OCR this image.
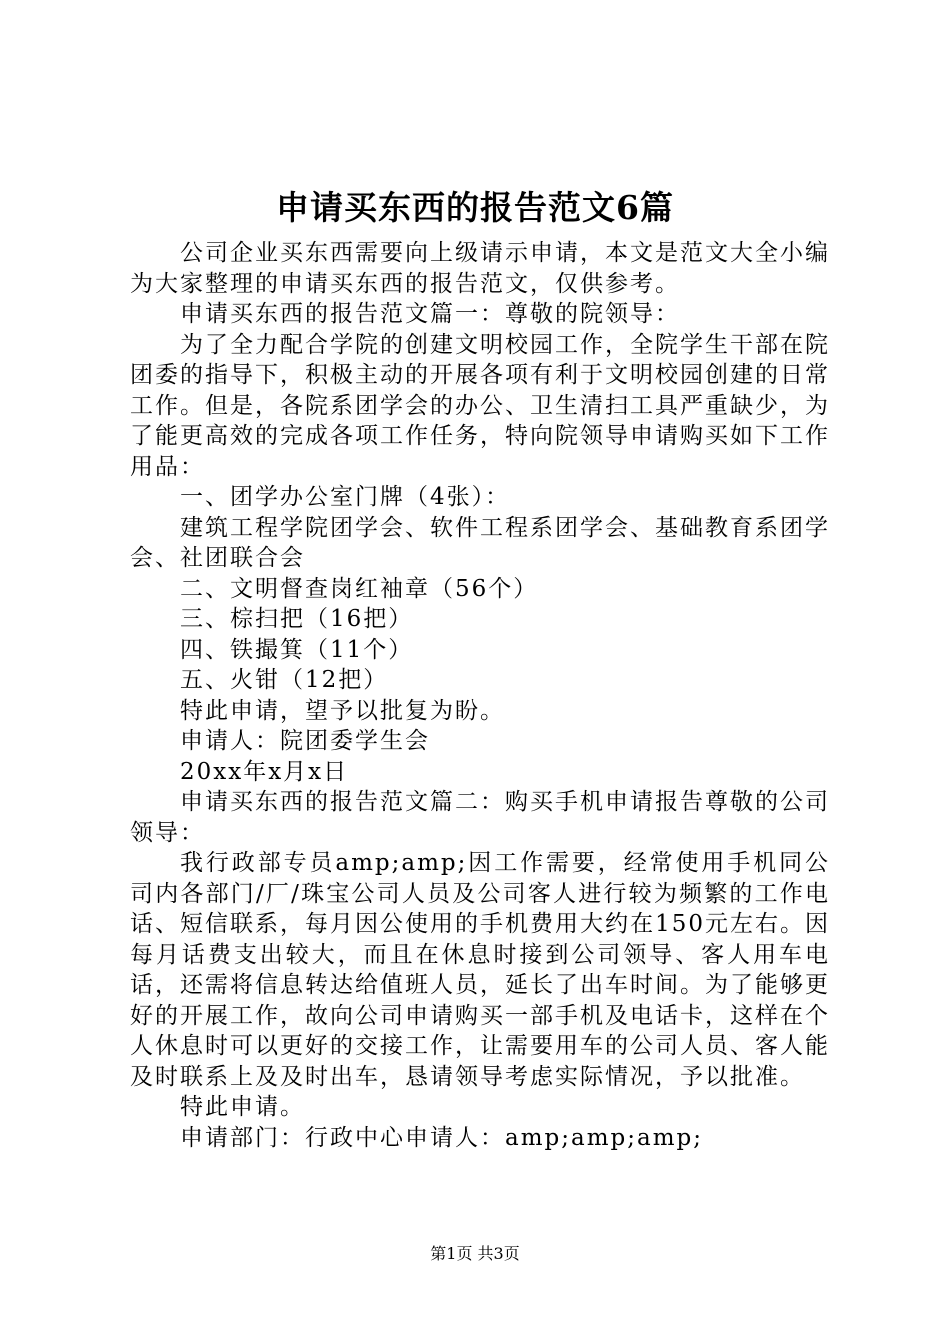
申请买东西的报告范文6篇

公司企业买东西需要向上级请示申请，本文是范文大全小编为大家整理的申请买东西的报告范文，仅供参考。

申请买东西的报告范文篇一：尊敬的院领导：

为了全力配合学院的创建文明校园工作，全院学生干部在院团委的指导下，积极主动的开展各项有利于文明校园创建的日常工作。但是，各院系团学会的办公、卫生清扫工具严重缺少，为了能更高效的完成各项工作任务，特向院领导申请购买如下工作用品：

一、团学办公室门牌（4张）：

建筑工程学院团学会、软件工程系团学会、基础教育系团学会、社团联合会

二、文明督查岗红袖章（56个）

三、棕扫把（16把）

四、铁撮箕（11个）

五、火钳（12把）

特此申请，望予以批复为盼。

申请人：院团委学生会

20xx年x月x日

申请买东西的报告范文篇二：购买手机申请报告尊敬的公司领导：

我行政部专员amp;amp;因工作需要，经常使用手机同公司内各部门/厂/珠宝公司人员及公司客人进行较为频繁的工作电话、短信联系，每月因公使用的手机费用大约在150元左右。因每月话费支出较大，而且在休息时接到公司领导、客人用车电话，还需将信息转达给值班人员，延长了出车时间。为了能够更好的开展工作，故向公司申请购买一部手机及电话卡，这样在个人休息时可以更好的交接工作，让需要用车的公司人员、客人能及时联系上及及时出车，恳请领导考虑实际情况，予以批准。

特此申请。

申请部门：行政中心申请人：amp;amp;amp;

第1页 共3页
